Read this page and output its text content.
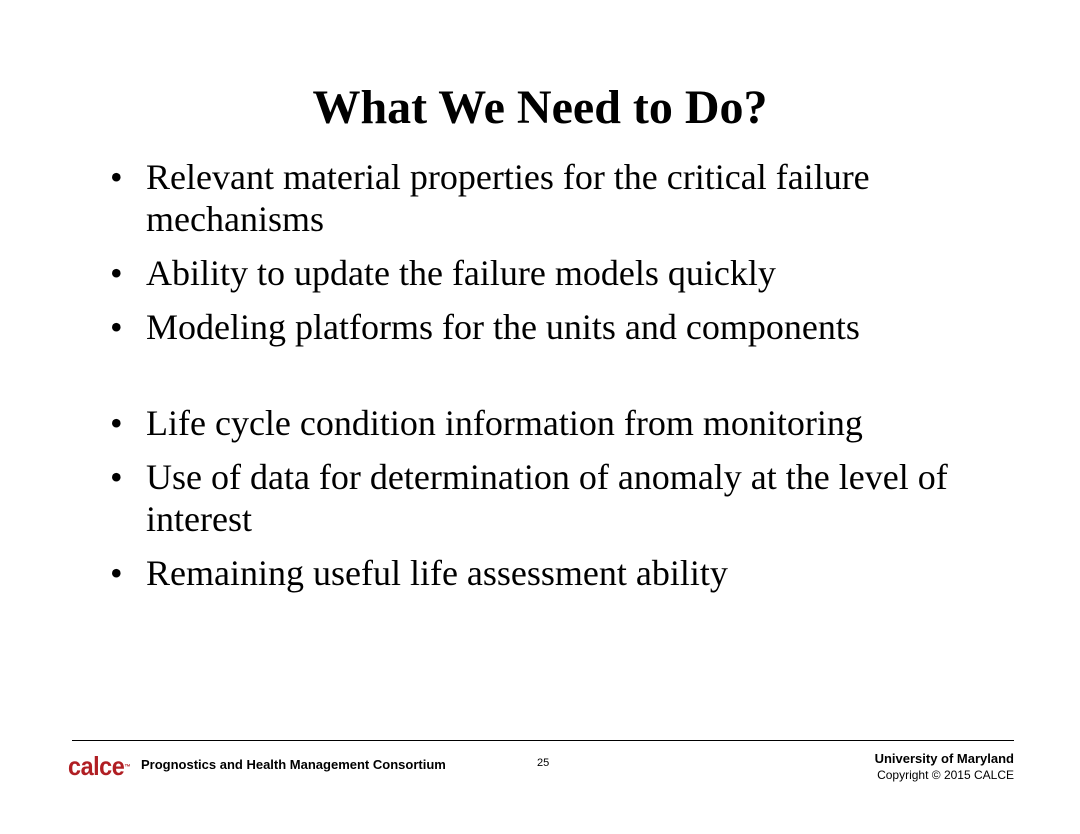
What We Need to Do?
• Relevant material properties for the critical failure mechanisms
• Ability to update the failure models quickly
• Modeling platforms for the units and components
• Life cycle condition information from monitoring
• Use of data for determination of anomaly at the level of interest
• Remaining useful life assessment ability
calce™ Prognostics and Health Management Consortium	25	University of Maryland
Copyright © 2015 CALCE
